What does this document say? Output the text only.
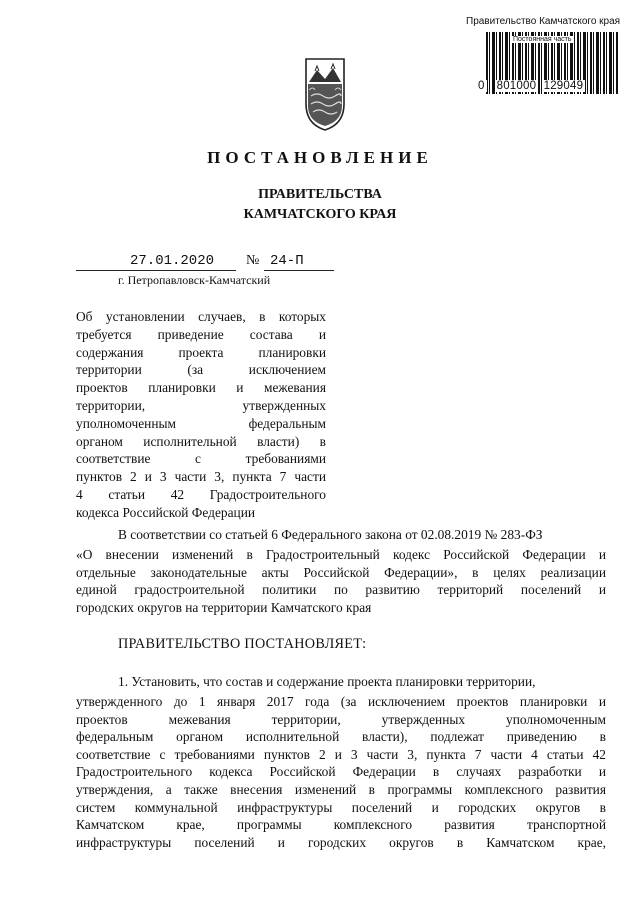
Правительство Камчатского края
Постоянная часть
0 801000 129049
ПОСТАНОВЛЕНИЕ
ПРАВИТЕЛЬСТВА
КАМЧАТСКОГО КРАЯ
27.01.2020 № 24-П
г. Петропавловск-Камчатский
Об установлении случаев, в которых
требуется приведение состава и
содержания проекта планировки
территории (за исключением
проектов планировки и межевания
территории, утвержденных
уполномоченным федеральным
органом исполнительной власти) в
соответствие с требованиями
пунктов 2 и 3 части 3, пункта 7 части
4 статьи 42 Градостроительного
кодекса Российской Федерации
В соответствии со статьей 6 Федерального закона от 02.08.2019 № 283-ФЗ
«О внесении изменений в Градостроительный кодекс Российской Федерации и
отдельные законодательные акты Российской Федерации», в целях реализации
единой градостроительной политики по развитию территорий поселений и
городских округов на территории Камчатского края
ПРАВИТЕЛЬСТВО ПОСТАНОВЛЯЕТ:
1. Установить, что состав и содержание проекта планировки территории,
утвержденного до 1 января 2017 года (за исключением проектов планировки и
проектов межевания территории, утвержденных уполномоченным
федеральным органом исполнительной власти), подлежат приведению в
соответствие с требованиями пунктов 2 и 3 части 3, пункта 7 части 4 статьи 42
Градостроительного кодекса Российской Федерации в случаях разработки и
утверждения, а также внесения изменений в программы комплексного развития
систем коммунальной инфраструктуры поселений и городских округов в
Камчатском крае, программы комплексного развития транспортной
инфраструктуры поселений и городских округов в Камчатском крае,
